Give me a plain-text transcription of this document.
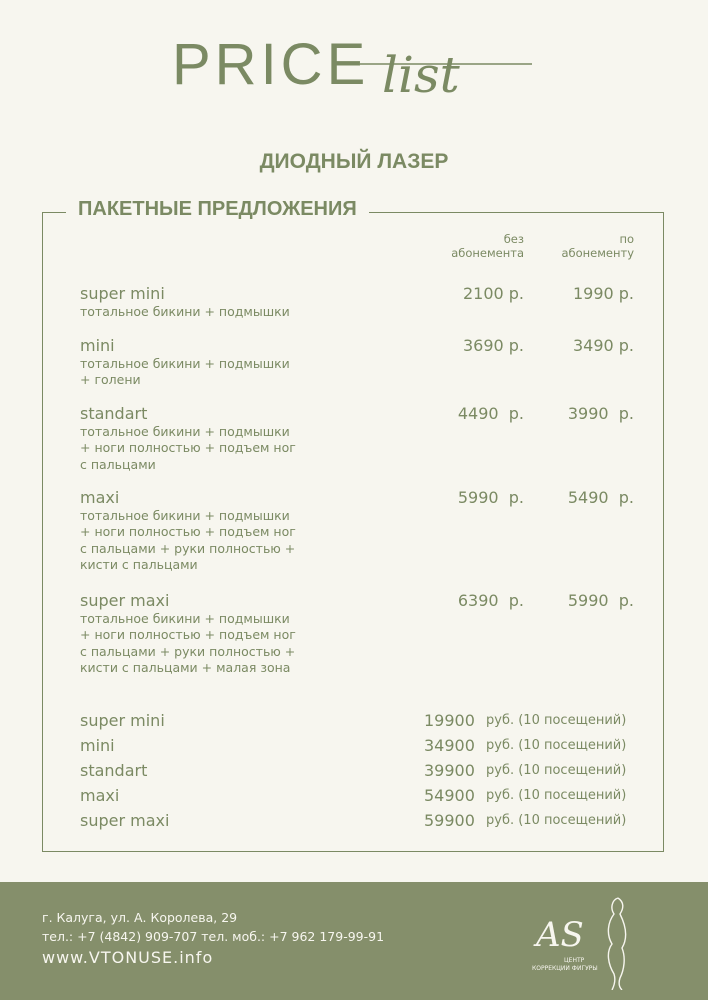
PRICE list
ДИОДНЫЙ ЛАЗЕР
ПАКЕТНЫЕ ПРЕДЛОЖЕНИЯ
без
абонемента
по
абонементу
super mini
тотальное бикини + подмышки
2100 р.	1990 р.
mini
тотальное бикини + подмышки
+ голени
3690 р.	3490 р.
standart
тотальное бикини + подмышки
+ ноги полностью + подъем ног
с пальцами
4490  р.	3990  р.
maxi
тотальное бикини + подмышки
+ ноги полностью + подъем ног
с пальцами + руки полностью +
кисти с пальцами
5990  р.	5490  р.
super maxi
тотальное бикини + подмышки
+ ноги полностью + подъем ног
с пальцами + руки полностью +
кисти с пальцами + малая зона
6390  р.	5990  р.
super mini	19900 руб. (10 посещений)
mini	34900 руб. (10 посещений)
standart	39900 руб. (10 посещений)
maxi	54900 руб. (10 посещений)
super maxi	59900 руб. (10 посещений)
г. Калуга, ул. А. Королева, 29
тел.: +7 (4842) 909-707 тел. моб.: +7 962 179-99-91
www.VTONUSE.info
AS
ЦЕНТР
КОРРЕКЦИИ ФИГУРЫ
